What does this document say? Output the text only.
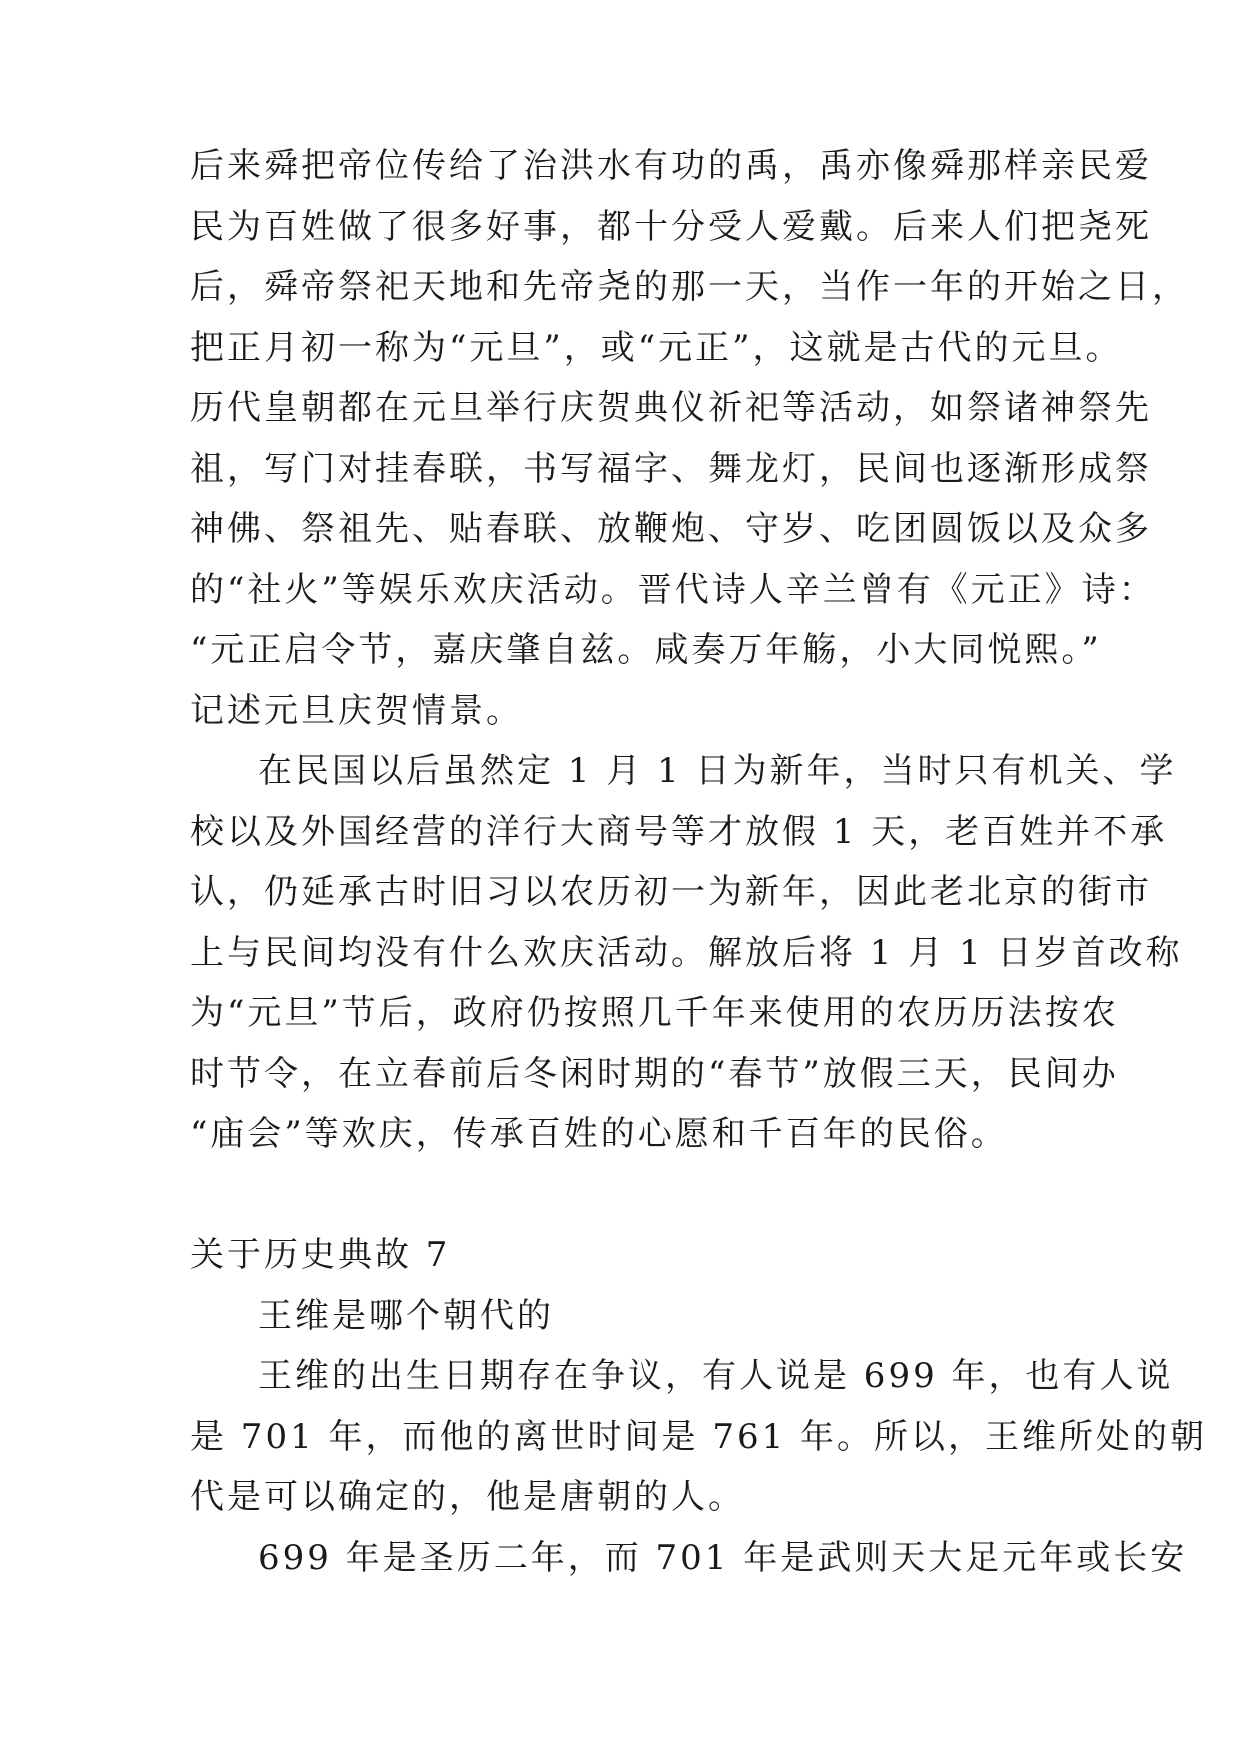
后来舜把帝位传给了治洪水有功的禹，禹亦像舜那样亲民爱
民为百姓做了很多好事，都十分受人爱戴。后来人们把尧死
后，舜帝祭祀天地和先帝尧的那一天，当作一年的开始之日，
把正月初一称为“元旦”，或“元正”，这就是古代的元旦。
历代皇朝都在元旦举行庆贺典仪祈祀等活动，如祭诸神祭先
祖，写门对挂春联，书写福字、舞龙灯，民间也逐渐形成祭
神佛、祭祖先、贴春联、放鞭炮、守岁、吃团圆饭以及众多
的“社火”等娱乐欢庆活动。晋代诗人辛兰曾有《元正》诗：
“元正启令节，嘉庆肇自兹。咸奏万年觞，小大同悦熙。”
记述元旦庆贺情景。
在民国以后虽然定 1 月 1 日为新年，当时只有机关、学
校以及外国经营的洋行大商号等才放假 1 天，老百姓并不承
认，仍延承古时旧习以农历初一为新年，因此老北京的街市
上与民间均没有什么欢庆活动。解放后将 1 月 1 日岁首改称
为“元旦”节后，政府仍按照几千年来使用的农历历法按农
时节令，在立春前后冬闲时期的“春节”放假三天，民间办
“庙会”等欢庆，传承百姓的心愿和千百年的民俗。
关于历史典故 7
王维是哪个朝代的
王维的出生日期存在争议，有人说是 699 年，也有人说
是 701 年，而他的离世时间是 761 年。所以，王维所处的朝
代是可以确定的，他是唐朝的人。
699 年是圣历二年，而 701 年是武则天大足元年或长安
